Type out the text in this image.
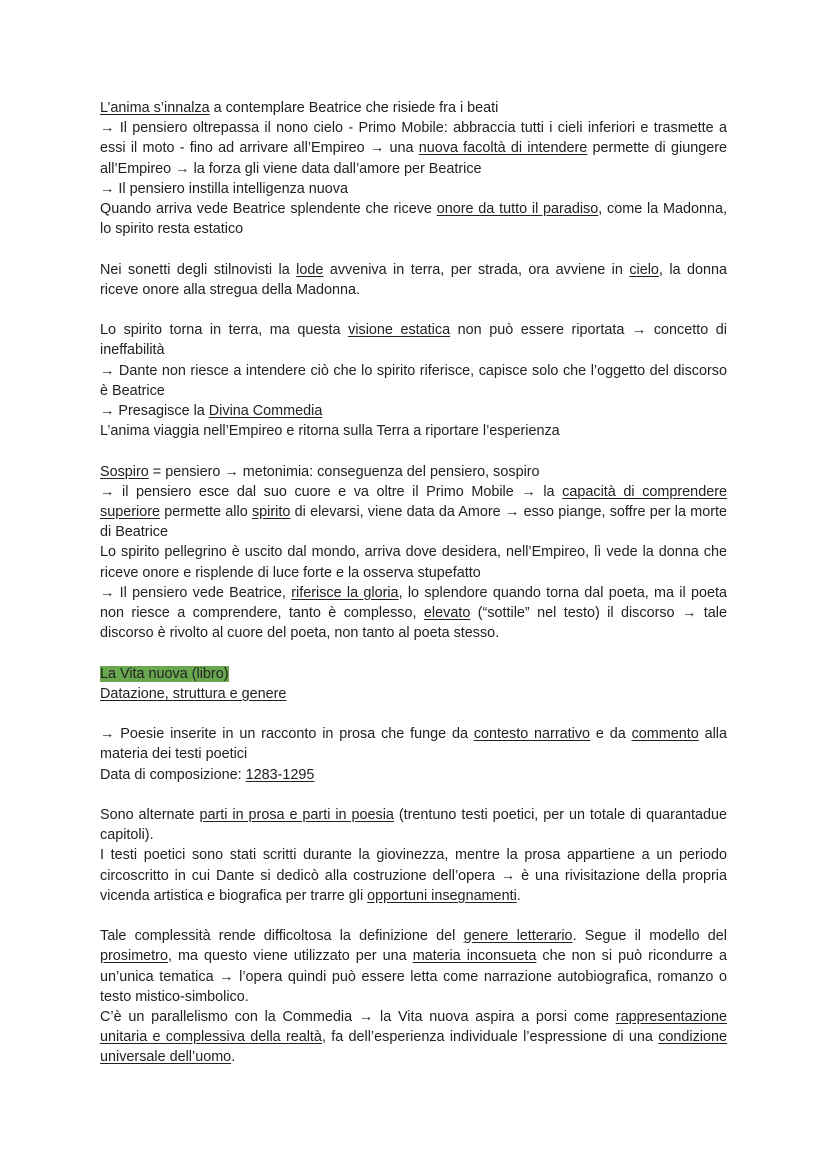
L’anima s’innalza a contemplare Beatrice che risiede fra i beati

→ Il pensiero oltrepassa il nono cielo - Primo Mobile: abbraccia tutti i cieli inferiori e trasmette a essi il moto - fino ad arrivare all’Empireo → una nuova facoltà di intendere permette di giungere all’Empireo → la forza gli viene data dall’amore per Beatrice

→ Il pensiero instilla intelligenza nuova

Quando arriva vede Beatrice splendente che riceve onore da tutto il paradiso, come la Madonna, lo spirito resta estatico

Nei sonetti degli stilnovisti la lode avveniva in terra, per strada, ora avviene in cielo, la donna riceve onore alla stregua della Madonna.

Lo spirito torna in terra, ma questa visione estatica non può essere riportata → concetto di ineffabilità

→ Dante non riesce a intendere ciò che lo spirito riferisce, capisce solo che l’oggetto del discorso è Beatrice

→ Presagisce la Divina Commedia

L’anima viaggia nell’Empireo e ritorna sulla Terra a riportare l’esperienza

Sospiro = pensiero → metonimia: conseguenza del pensiero, sospiro

→ il pensiero esce dal suo cuore e va oltre il Primo Mobile → la capacità di comprendere superiore permette allo spirito di elevarsi, viene data da Amore → esso piange, soffre per la morte di Beatrice

Lo spirito pellegrino è uscito dal mondo, arriva dove desidera, nell’Empireo, lì vede la donna che riceve onore e risplende di luce forte e la osserva stupefatto

→ Il pensiero vede Beatrice, riferisce la gloria, lo splendore quando torna dal poeta, ma il poeta non riesce a comprendere, tanto è complesso, elevato (“sottile” nel testo) il discorso → tale discorso è rivolto al cuore del poeta, non tanto al poeta stesso.

La Vita nuova (libro)

Datazione, struttura e genere

→ Poesie inserite in un racconto in prosa che funge da contesto narrativo e da commento alla materia dei testi poetici

Data di composizione: 1283-1295

Sono alternate parti in prosa e parti in poesia (trentuno testi poetici, per un totale di quarantadue capitoli).

I testi poetici sono stati scritti durante la giovinezza, mentre la prosa appartiene a un periodo circoscritto in cui Dante si dedicò alla costruzione dell’opera → è una rivisitazione della propria vicenda artistica e biografica per trarre gli opportuni insegnamenti.

Tale complessità rende difficoltosa la definizione del genere letterario. Segue il modello del prosimetro, ma questo viene utilizzato per una materia inconsueta che non si può ricondurre a un’unica tematica → l’opera quindi può essere letta come narrazione autobiografica, romanzo o testo mistico-simbolico.

C’è un parallelismo con la Commedia → la Vita nuova aspira a porsi come rappresentazione unitaria e complessiva della realtà, fa dell’esperienza individuale l’espressione di una condizione universale dell’uomo.
